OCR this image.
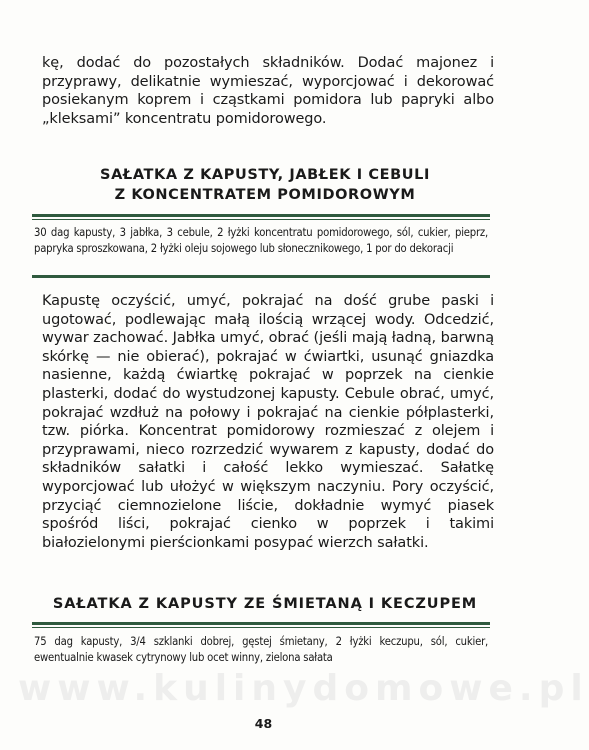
kę, dodać do pozostałych składników. Dodać majonez i przyprawy, delikatnie wymieszać, wyporcjować i dekorować posiekanym koprem i cząstkami pomidora lub papryki albo „kleksami” koncentratu pomidorowego.

SAŁATKA Z KAPUSTY, JABŁEK I CEBULI
Z KONCENTRATEM POMIDOROWYM

30 dag kapusty, 3 jabłka, 3 cebule, 2 łyżki koncentratu pomidorowego, sól, cukier, pieprz, papryka sproszkowana, 2 łyżki oleju sojowego lub słonecznikowego, 1 por do dekoracji

Kapustę oczyścić, umyć, pokrajać na dość grube paski i ugotować, podlewając małą ilością wrzącej wody. Odcedzić, wywar zachować. Jabłka umyć, obrać (jeśli mają ładną, barwną skórkę — nie obierać), pokrajać w ćwiartki, usunąć gniazdka nasienne, każdą ćwiartkę pokrajać w poprzek na cienkie plasterki, dodać do wystudzonej kapusty. Cebule obrać, umyć, pokrajać wzdłuż na połowy i pokrajać na cienkie półplasterki, tzw. piórka. Koncentrat pomidorowy rozmieszać z olejem i przyprawami, nieco rozrzedzić wywarem z kapusty, dodać do składników sałatki i całość lekko wymieszać. Sałatkę wyporcjować lub ułożyć w większym naczyniu. Pory oczyścić, przyciąć ciemnozielone liście, dokładnie wymyć piasek spośród liści, pokrajać cienko w poprzek i takimi białozielonymi pierścionkami posypać wierzch sałatki.

SAŁATKA Z KAPUSTY ZE ŚMIETANĄ I KECZUPEM

75 dag kapusty, 3/4 szklanki dobrej, gęstej śmietany, 2 łyżki keczupu, sól, cukier, ewentualnie kwasek cytrynowy lub ocet winny, zielona sałata

www.kulinydomowe.pl
48
